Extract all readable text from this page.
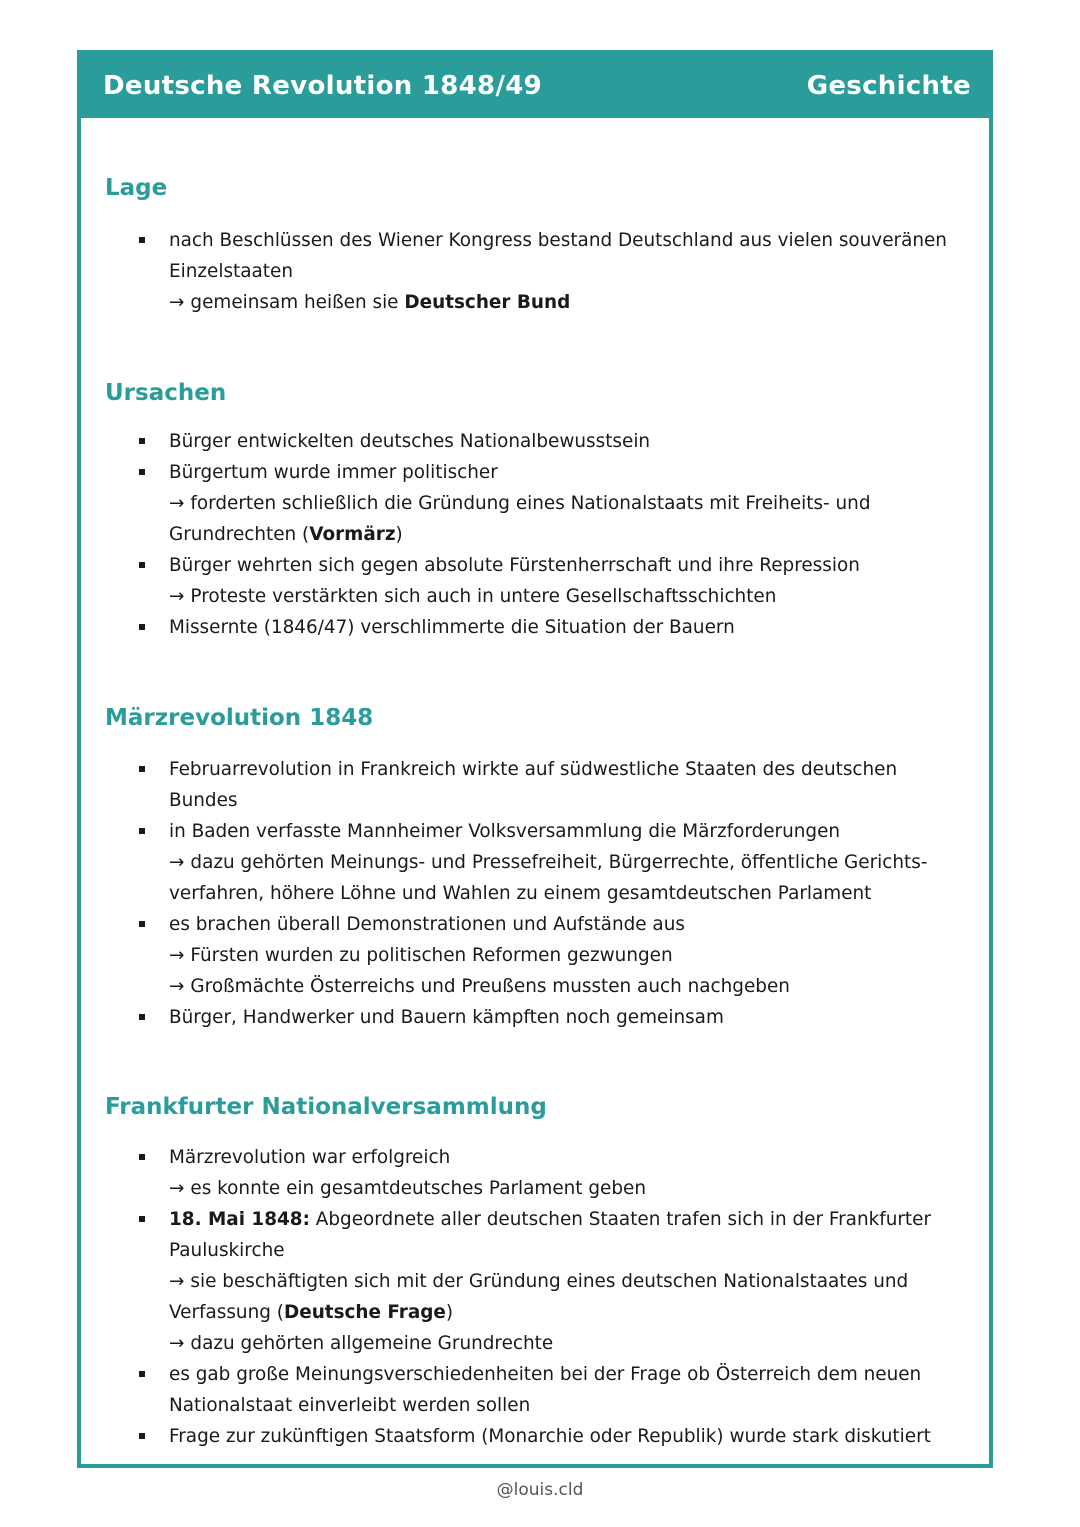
Deutsche Revolution 1848/49	Geschichte
Lage
nach Beschlüssen des Wiener Kongress bestand Deutschland aus vielen souveränen
Einzelstaaten
→ gemeinsam heißen sie Deutscher Bund
Ursachen
Bürger entwickelten deutsches Nationalbewusstsein
Bürgertum wurde immer politischer
→ forderten schließlich die Gründung eines Nationalstaats mit Freiheits- und
Grundrechten (Vormärz)
Bürger wehrten sich gegen absolute Fürstenherrschaft und ihre Repression
→ Proteste verstärkten sich auch in untere Gesellschaftsschichten
Missernte (1846/47) verschlimmerte die Situation der Bauern
Märzrevolution 1848
Februarrevolution in Frankreich wirkte auf südwestliche Staaten des deutschen
Bundes
in Baden verfasste Mannheimer Volksversammlung die Märzforderungen
→ dazu gehörten Meinungs- und Pressefreiheit, Bürgerrechte, öffentliche Gerichts-
verfahren, höhere Löhne und Wahlen zu einem gesamtdeutschen Parlament
es brachen überall Demonstrationen und Aufstände aus
→ Fürsten wurden zu politischen Reformen gezwungen
→ Großmächte Österreichs und Preußens mussten auch nachgeben
Bürger, Handwerker und Bauern kämpften noch gemeinsam
Frankfurter Nationalversammlung
Märzrevolution war erfolgreich
→ es konnte ein gesamtdeutsches Parlament geben
18. Mai 1848: Abgeordnete aller deutschen Staaten trafen sich in der Frankfurter
Pauluskirche
→ sie beschäftigten sich mit der Gründung eines deutschen Nationalstaates und
Verfassung (Deutsche Frage)
→ dazu gehörten allgemeine Grundrechte
es gab große Meinungsverschiedenheiten bei der Frage ob Österreich dem neuen
Nationalstaat einverleibt werden sollen
Frage zur zukünftigen Staatsform (Monarchie oder Republik) wurde stark diskutiert
@louis.cld
